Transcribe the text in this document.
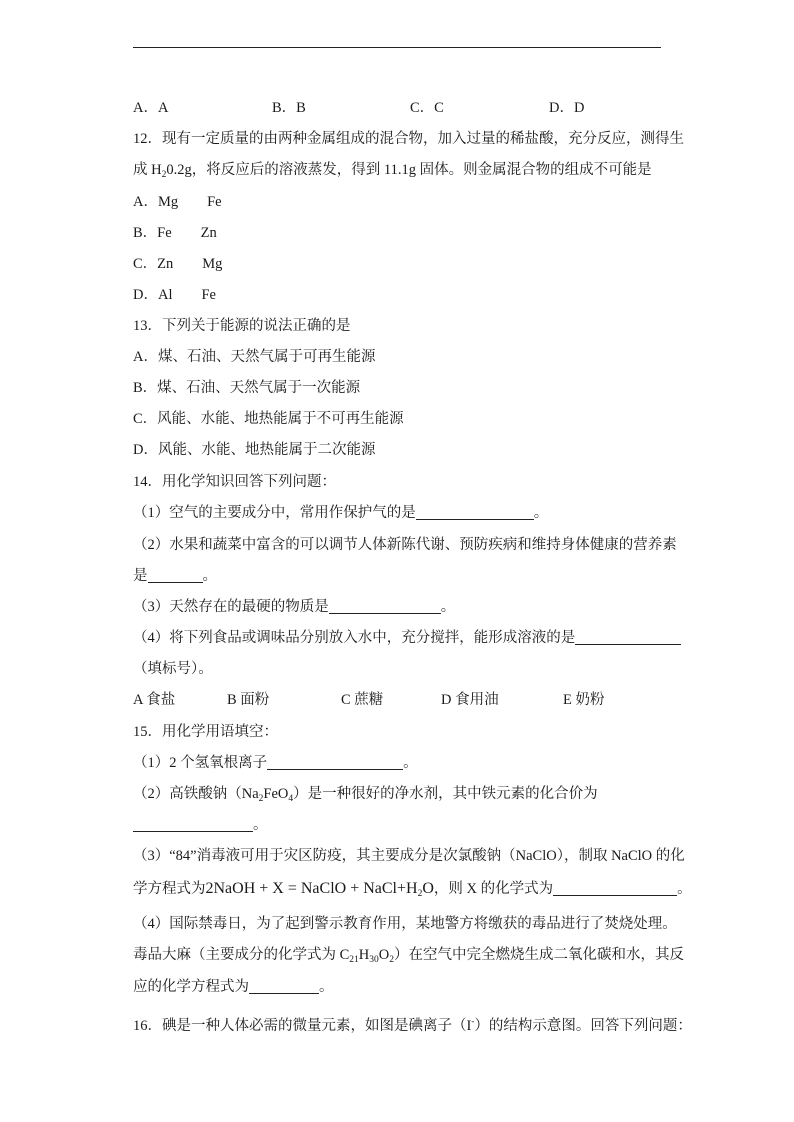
A．A	B．B	C．C	D．D
12．现有一定质量的由两种金属组成的混合物，加入过量的稀盐酸，充分反应，测得生
成 $H_20.2g$，将反应后的溶液蒸发，得到 11.1g 固体。则金属混合物的组成不可能是
A．Mg　　Fe
B．Fe　　Zn
C．Zn　　Mg
D．Al　　Fe
13．下列关于能源的说法正确的是
A．煤、石油、天然气属于可再生能源
B．煤、石油、天然气属于一次能源
C．风能、水能、地热能属于不可再生能源
D．风能、水能、地热能属于二次能源
14．用化学知识回答下列问题：
（1）空气的主要成分中，常用作保护气的是	。
（2）水果和蔬菜中富含的可以调节人体新陈代谢、预防疾病和维持身体健康的营养素
是	。
（3）天然存在的最硬的物质是	。
（4）将下列食品或调味品分别放入水中，充分搅拌，能形成溶液的是
（填标号）。
A 食盐	B 面粉	C 蔗糖	D 食用油	E 奶粉
15．用化学用语填空：
（1）2 个氢氧根离子	。
（2）高铁酸钠$(Na_2FeO_4)$是一种很好的净水剂，其中铁元素的化合价为
。
（3）“84”消毒液可用于灾区防疫，其主要成分是次氯酸钠（NaClO），制取 NaClO 的化
学方程式为2NaOH + X = NaClO + $NaCl+H_2O$，则 X 的化学式为	。
（4）国际禁毒日，为了起到警示教育作用，某地警方将缴获的毒品进行了焚烧处理。
毒品大麻（主要成分的化学式为 $C_{21}H_{30}O_2$）在空气中完全燃烧生成二氧化碳和水，其反
应的化学方程式为	。
16．碘是一种人体必需的微量元素，如图是碘离子（I-）的结构示意图。回答下列问题：
